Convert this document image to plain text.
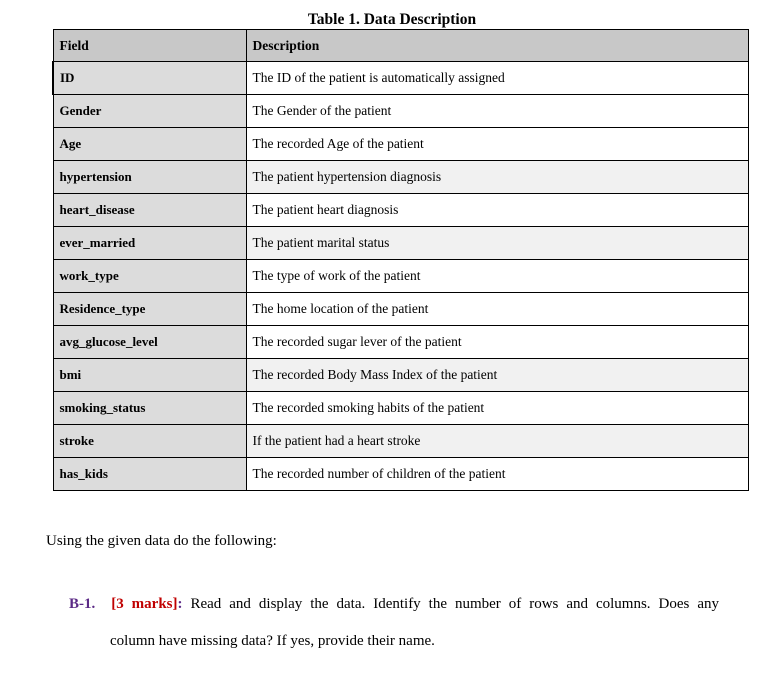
Table 1. Data Description
Field	Description
ID	The ID of the patient is automatically assigned
Gender	The Gender of the patient
Age	The recorded Age of the patient
hypertension	The patient hypertension diagnosis
heart_disease	The patient heart diagnosis
ever_married	The patient marital status
work_type	The type of work of the patient
Residence_type	The home location of the patient
avg_glucose_level	The recorded sugar lever of the patient
bmi	The recorded Body Mass Index of the patient
smoking_status	The recorded smoking habits of the patient
stroke	If the patient had a heart stroke
has_kids	The recorded number of children of the patient
Using the given data do the following:
B-1. [3 marks]: Read and display the data. Identify the number of rows and columns. Does any
column have missing data? If yes, provide their name.
